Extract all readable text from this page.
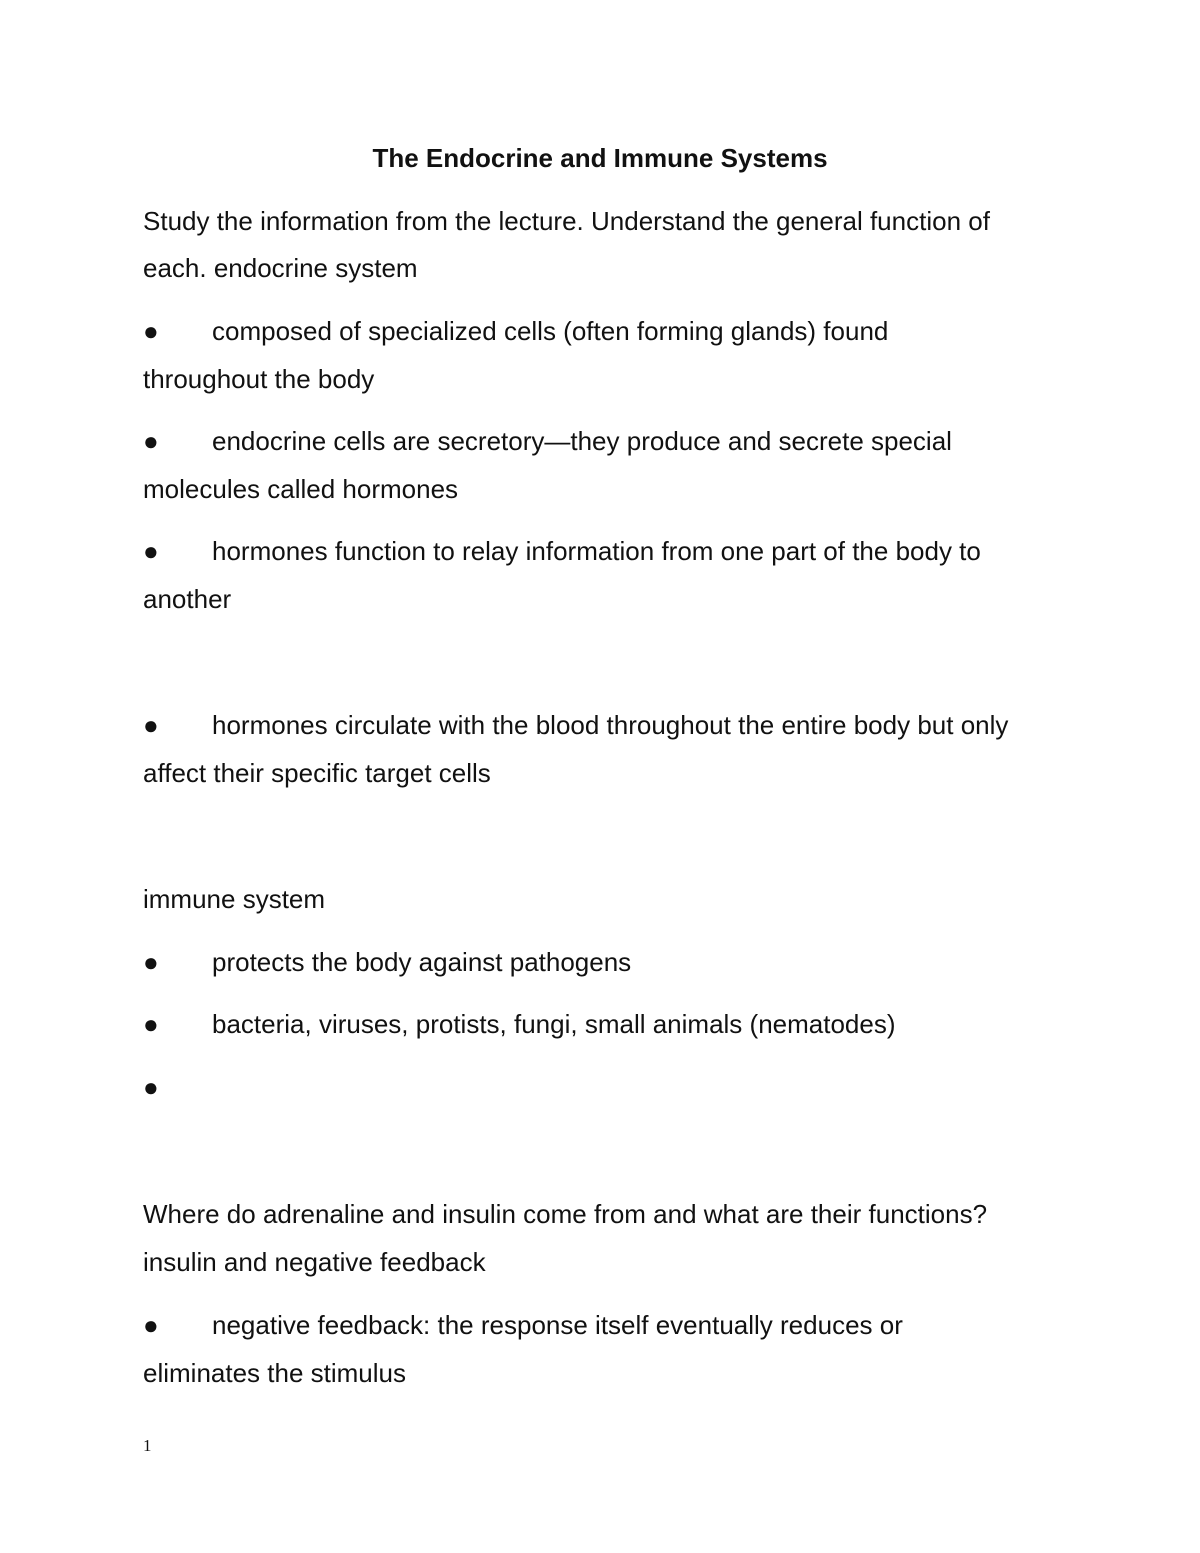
The Endocrine and Immune Systems
Study the information from the lecture. Understand the general function of
each. endocrine system
● composed of specialized cells (often forming glands) found
throughout the body
● endocrine cells are secretory—they produce and secrete special
molecules called hormones
● hormones function to relay information from one part of the body to
another
● hormones circulate with the blood throughout the entire body but only
affect their specific target cells
immune system
● protects the body against pathogens
● bacteria, viruses, protists, fungi, small animals (nematodes)
●
Where do adrenaline and insulin come from and what are their functions?
insulin and negative feedback
● negative feedback: the response itself eventually reduces or
eliminates the stimulus
1
